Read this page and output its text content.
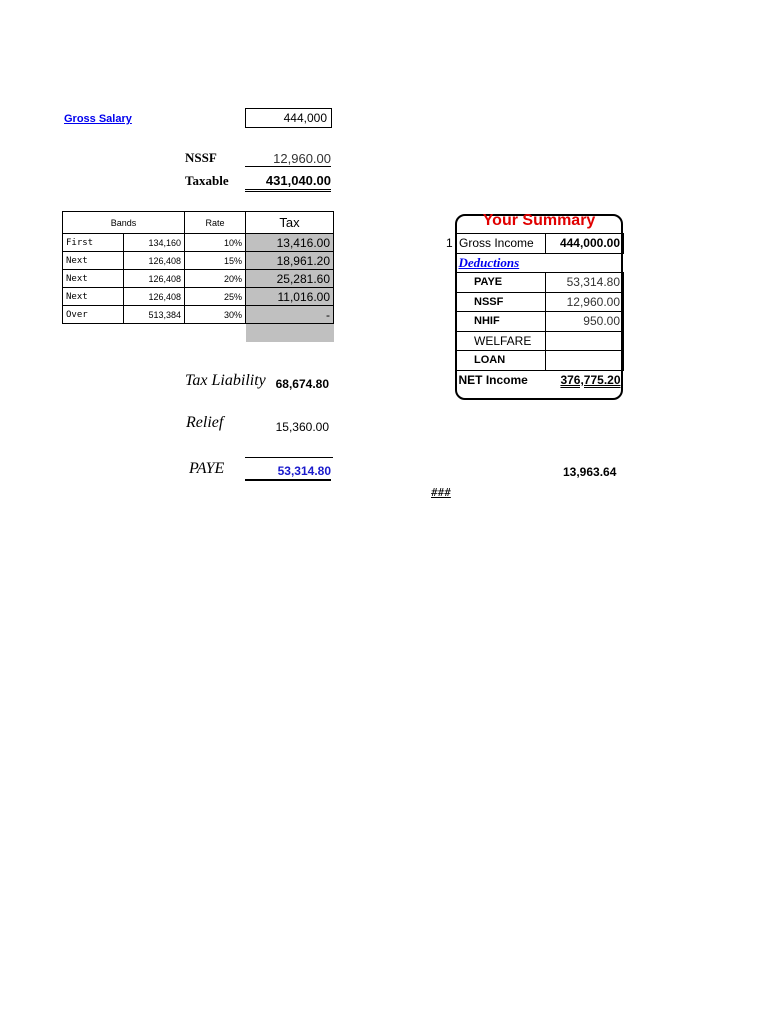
Gross Salary	444,000
NSSF	12,960.00
Taxable	431,040.00
Bands		Rate	Tax
First	134,160	10%	13,416.00
Next	126,408	15%	18,961.20
Next	126,408	20%	25,281.60
Next	126,408	25%	11,016.00
Over	513,384	30%	-

Tax Liability 68,674.80
Relief	15,360.00
PAYE	53,314.80
Your Summary
1 Gross Income	444,000.00
Deductions	
PAYE	53,314.80
NSSF	12,960.00
NHIF	950.00
WELFARE	
LOAN	
NET Income	376,775.20
13,963.64
###
